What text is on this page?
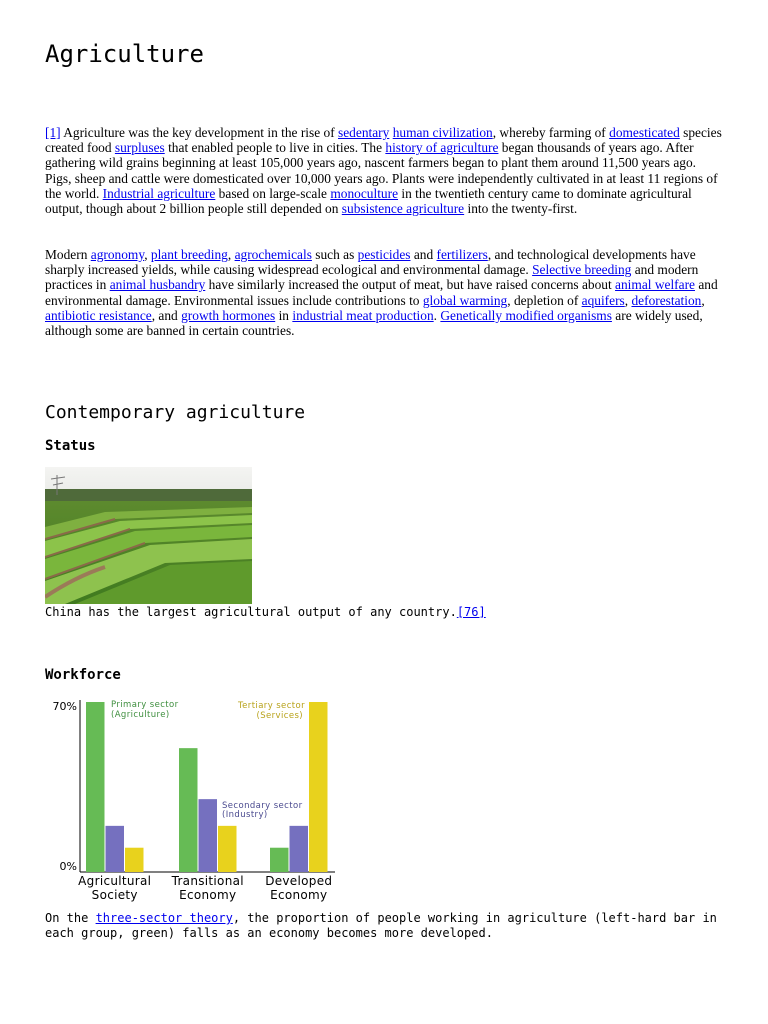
Agriculture

[1] Agriculture was the key development in the rise of sedentary human civilization, whereby farming of domesticated species created food surpluses that enabled people to live in cities. The history of agriculture began thousands of years ago. After gathering wild grains beginning at least 105,000 years ago, nascent farmers began to plant them around 11,500 years ago. Pigs, sheep and cattle were domesticated over 10,000 years ago. Plants were independently cultivated in at least 11 regions of the world. Industrial agriculture based on large-scale monoculture in the twentieth century came to dominate agricultural output, though about 2 billion people still depended on subsistence agriculture into the twenty-first.

Modern agronomy, plant breeding, agrochemicals such as pesticides and fertilizers, and technological developments have sharply increased yields, while causing widespread ecological and environmental damage. Selective breeding and modern practices in animal husbandry have similarly increased the output of meat, but have raised concerns about animal welfare and environmental damage. Environmental issues include contributions to global warming, depletion of aquifers, deforestation, antibiotic resistance, and growth hormones in industrial meat production. Genetically modified organisms are widely used, although some are banned in certain countries.

Contemporary agriculture
Status

China has the largest agricultural output of any country.[76]

Workforce
70%
0%
Agricultural
Society
Transitional
Economy
Developed
Economy
Primary sector
(Agriculture)
Tertiary sector
(Services)
Secondary sector
(Industry)

On the three-sector theory, the proportion of people working in agriculture (left-hard bar in each group, green) falls as an economy becomes more developed.
